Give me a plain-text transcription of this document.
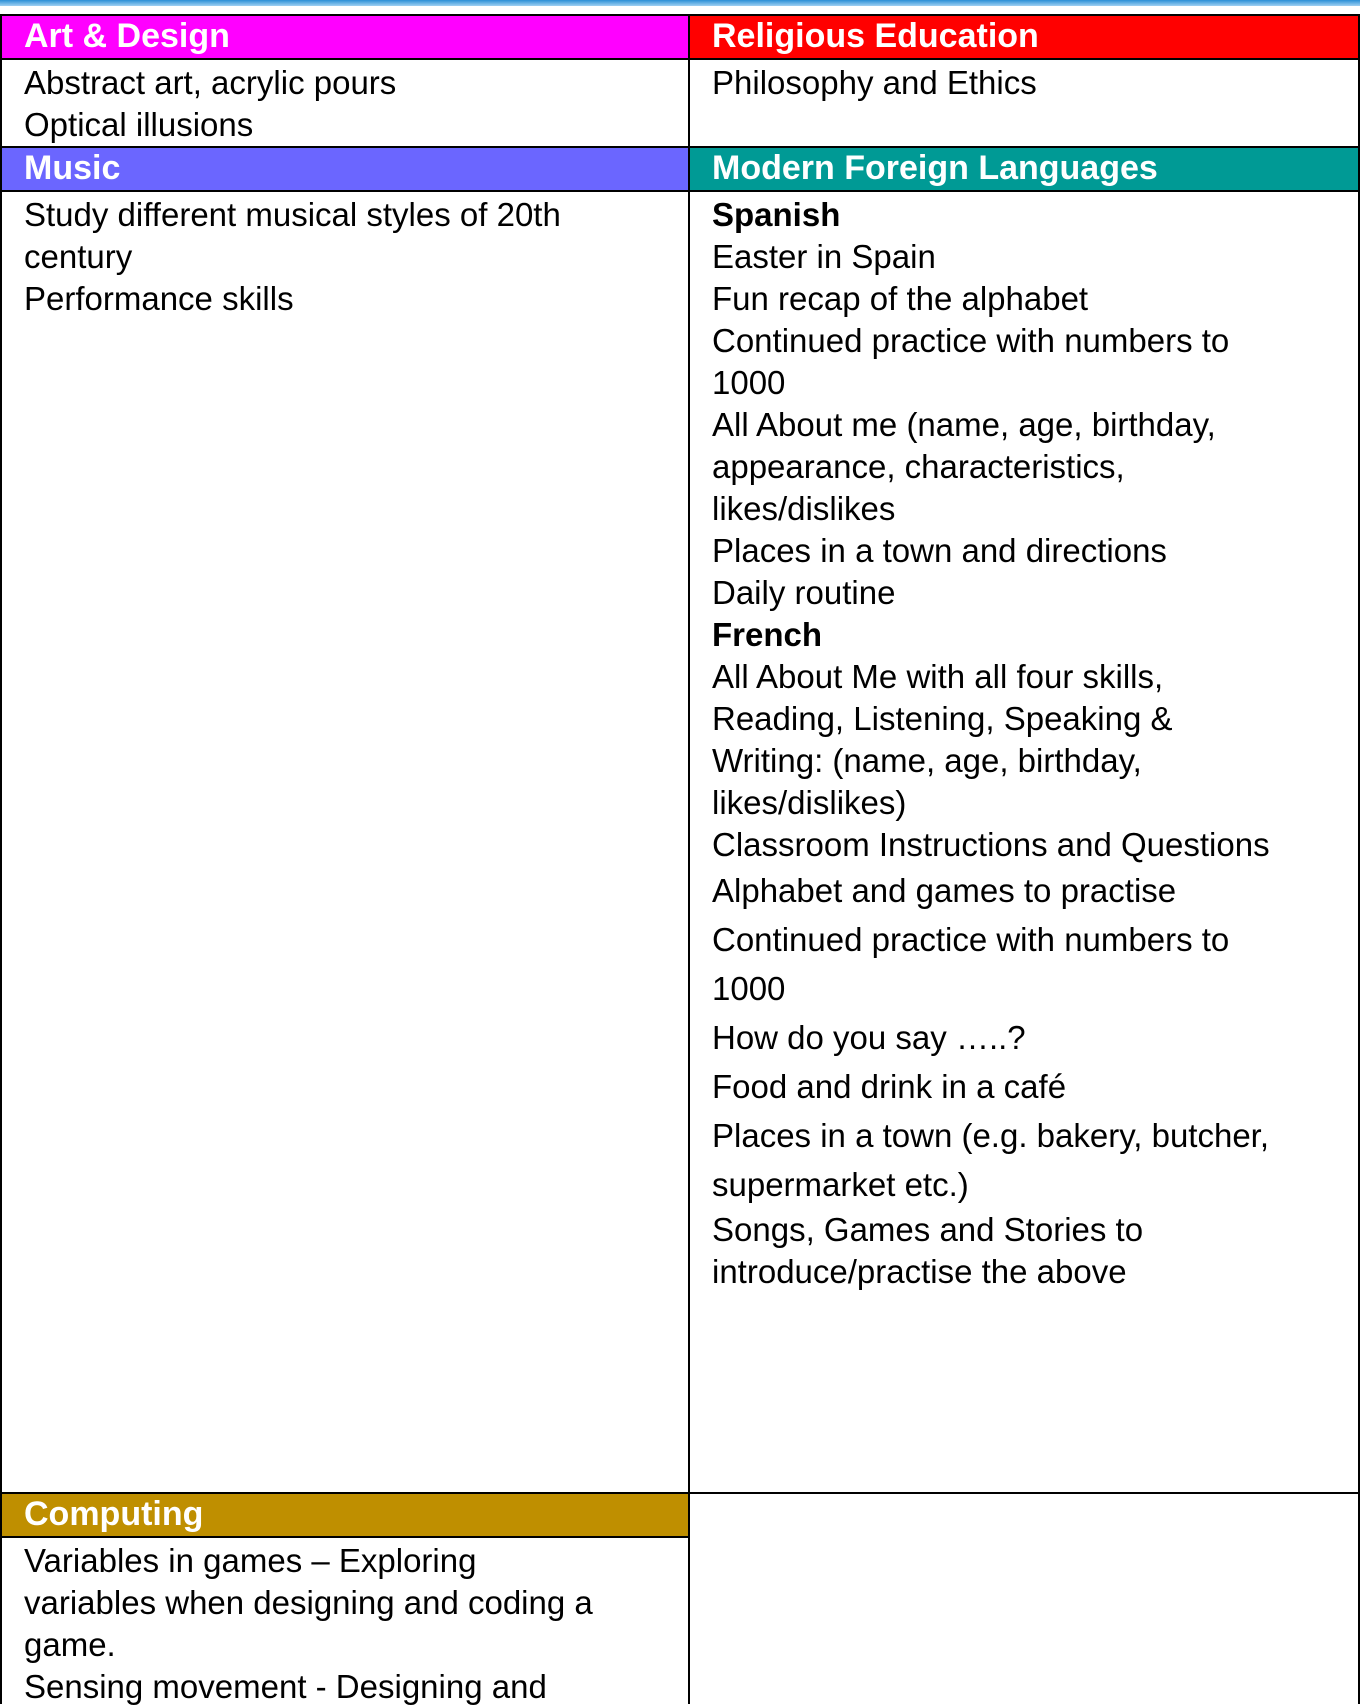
Art & Design	Religious Education
Abstract art, acrylic pours
Optical illusions
Philosophy and Ethics
Music	Modern Foreign Languages
Study different musical styles of 20th
century
Performance skills
Spanish
Easter in Spain
Fun recap of the alphabet
Continued practice with numbers to
1000
All About me (name, age, birthday,
appearance, characteristics,
likes/dislikes
Places in a town and directions
Daily routine
French
All About Me with all four skills,
Reading, Listening, Speaking &
Writing: (name, age, birthday,
likes/dislikes)
Classroom Instructions and Questions
Alphabet and games to practise
Continued practice with numbers to
1000
How do you say …..?
Food and drink in a café
Places in a town (e.g. bakery, butcher,
supermarket etc.)
Songs, Games and Stories to
introduce/practise the above
Computing
Variables in games – Exploring
variables when designing and coding a
game.
Sensing movement - Designing and
